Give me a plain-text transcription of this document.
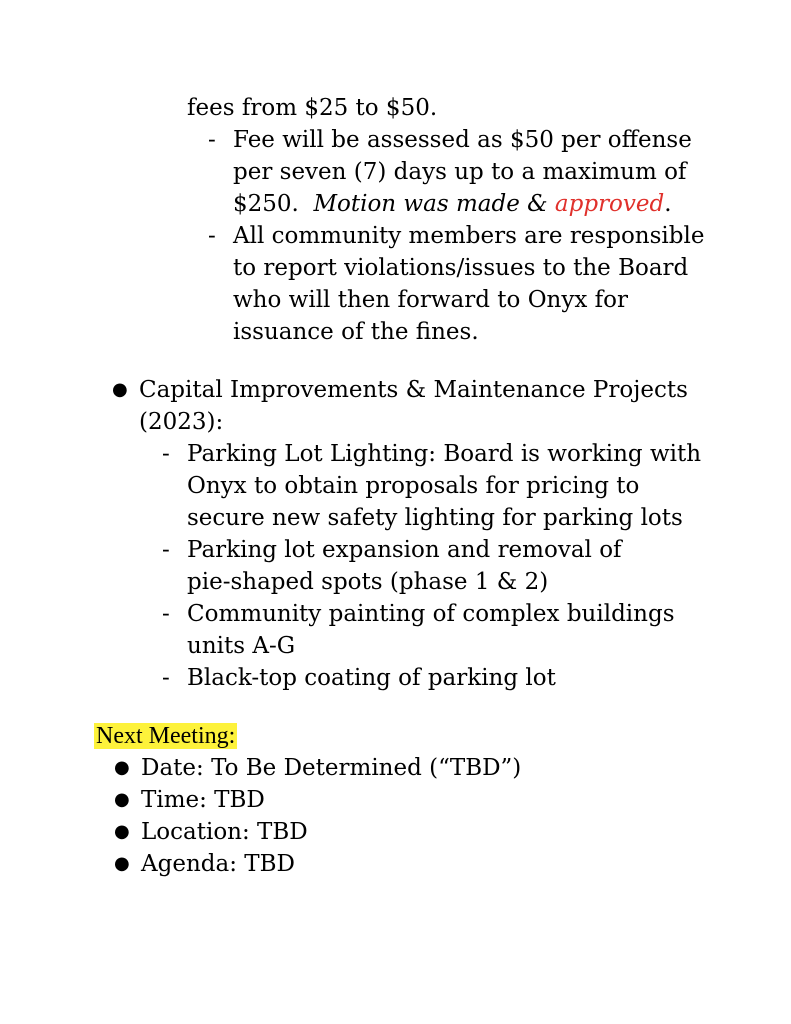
fees from $25 to $50.
- Fee will be assessed as $50 per offense
per seven (7) days up to a maximum of
$250.  Motion was made & approved.
- All community members are responsible
to report violations/issues to the Board
who will then forward to Onyx for
issuance of the fines.
● Capital Improvements & Maintenance Projects
(2023):
- Parking Lot Lighting: Board is working with
Onyx to obtain proposals for pricing to
secure new safety lighting for parking lots
- Parking lot expansion and removal of
pie-shaped spots (phase 1 & 2)
- Community painting of complex buildings
units A-G
- Black-top coating of parking lot
Next Meeting:
● Date: To Be Determined (“TBD”)
● Time: TBD
● Location: TBD
● Agenda: TBD
